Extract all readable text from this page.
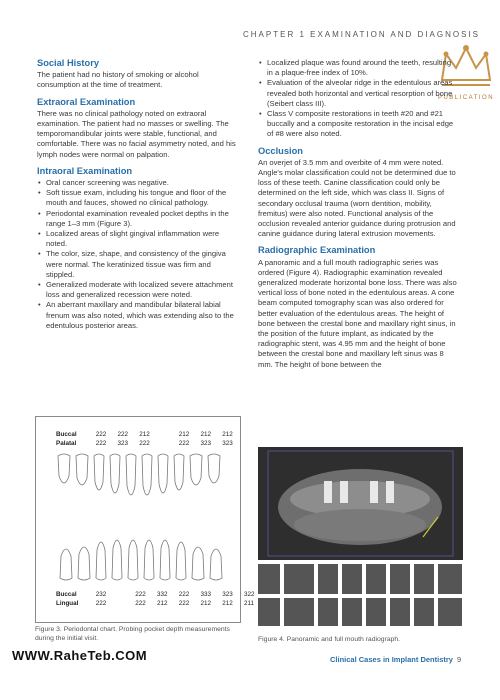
CHAPTER 1 EXAMINATION AND DIAGNOSIS
PUBLICATION
Social History

The patient had no history of smoking or alcohol consumption at the time of treatment.

Extraoral Examination

There was no clinical pathology noted on extraoral examination. The patient had no masses or swelling. The temporomandibular joints were stable, functional, and comfortable. There was no facial asymmetry noted, and his lymph nodes were normal on palpation.

Intraoral Examination
• Oral cancer screening was negative.
• Soft tissue exam, including his tongue and floor of the mouth and fauces, showed no clinical pathology.
• Periodontal examination revealed pocket depths in the range 1–3 mm (Figure 3).
• Localized areas of slight gingival inflammation were noted.
• The color, size, shape, and consistency of the gingiva were normal. The keratinized tissue was firm and stippled.
• Generalized moderate with localized severe attachment loss and generalized recession were noted.
• An aberrant maxillary and mandibular bilateral labial frenum was also noted, which was extending also to the edentulous posterior areas.
• Localized plaque was found around the teeth, resulting in a plaque-free index of 10%.
• Evaluation of the alveolar ridge in the edentulous areas revealed both horizontal and vertical resorption of bone (Seibert class III).
• Class V composite restorations in teeth #20 and #21 buccally and a composite restoration in the incisal edge of #8 were also noted.
Occlusion

An overjet of 3.5 mm and overbite of 4 mm were noted. Angle's molar classification could not be determined due to loss of these teeth. Canine classification could only be determined on the left side, which was class II. Signs of secondary occlusal trauma (worn dentition, mobility, fremitus) were also noted. Functional analysis of the occlusion revealed anterior guidance during protrusion and canine guidance during lateral extrusion movements.

Radiographic Examination

A panoramic and a full mouth radiographic series was ordered (Figure 4). Radiographic examination revealed generalized moderate horizontal bone loss. There was also vertical loss of bone noted in the edentulous areas. A cone beam computed tomography scan was also ordered for better evaluation of the edentulous areas. The height of bone between the crestal bone and maxillary right sinus, in the position of the future implant, as indicated by the radiographic stent, was 4.95 mm and the height of bone between the crestal bone and maxillary left sinus was 8 mm. The height of bone between the

Buccal	222 222 212	212 212 212
Palatal	222 323 222	222 323 323
Buccal	232	222 332 222 333 323 322
Lingual	222	222 212 222 212 212 211
Figure 3. Periodontal chart. Probing pocket depth measurements during the initial visit.	Figure 4. Panoramic and full mouth radiograph.
WWW.RaheTeb.COM	Clinical Cases in Implant Dentistry 9
